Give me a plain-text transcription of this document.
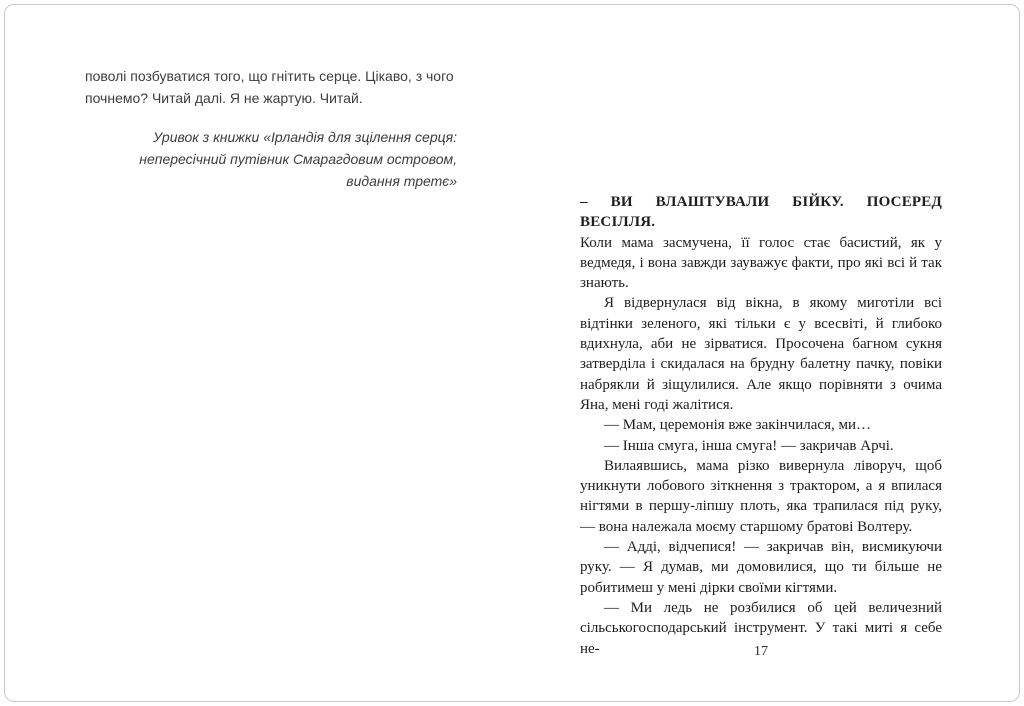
поволі позбуватися того, що гнітить серце. Цікаво, з чого почнемо? Читай далі. Я не жартую. Читай.
Уривок з книжки «Ірландія для зцілення серця:
непересічний путівник Смарагдовим островом,
видання третє»

– ВИ ВЛАШТУВАЛИ БІЙКУ. ПОСЕРЕД ВЕСІЛЛЯ.
Коли мама засмучена, її голос стає басистий, як у ведмедя, і вона завжди зауважує факти, про які всі й так знають.

Я відвернулася від вікна, в якому миготіли всі відтінки зеленого, які тільки є у всесвіті, й глибоко вдихнула, аби не зірватися. Просочена багном сукня затверділа і скидалася на брудну балетну пачку, повіки набрякли й зіщулилися. Але якщо порівняти з очима Яна, мені годі жалітися.

— Мам, церемонія вже закінчилася, ми…

— Інша смуга, інша смуга! — закричав Арчі.

Вилаявшись, мама різко вивернула ліворуч, щоб уникнути лобового зіткнення з трактором, а я впилася нігтями в першу-ліпшу плоть, яка трапилася під руку, — вона належала моєму старшому братові Волтеру.

— Адді, відчепися! — закричав він, висмикуючи руку. — Я думав, ми домовилися, що ти більше не робитимеш у мені дірки своїми кігтями.

— Ми ледь не розбилися об цей величезний сільськогосподарський інструмент. У такі миті я себе не-	17
